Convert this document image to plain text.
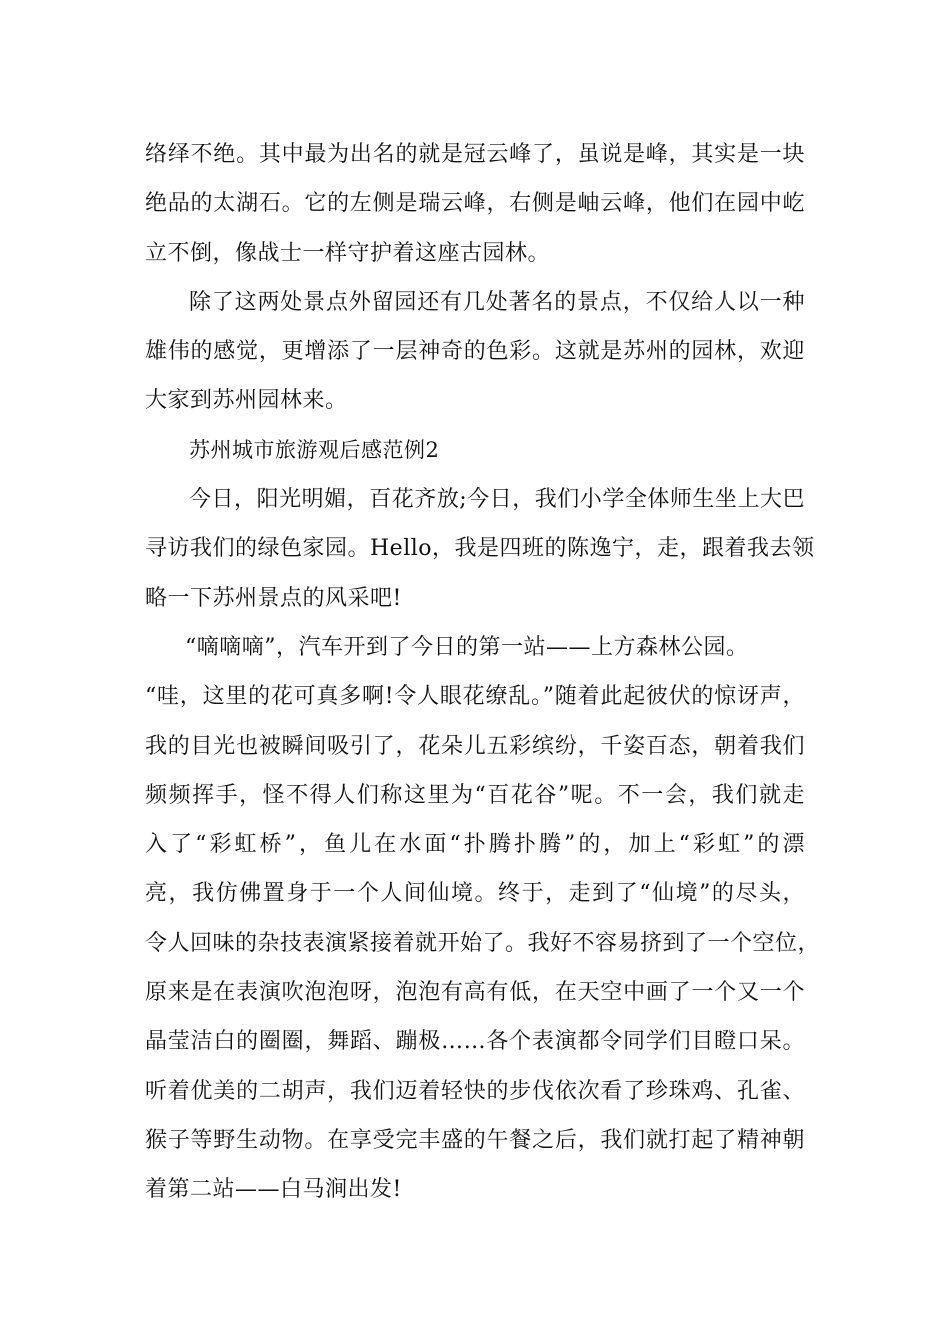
络绎不绝。其中最为出名的就是冠云峰了，虽说是峰，其实是一块
绝品的太湖石。它的左侧是瑞云峰，右侧是岫云峰，他们在园中屹
立不倒，像战士一样守护着这座古园林。
除了这两处景点外留园还有几处著名的景点，不仅给人以一种
雄伟的感觉，更增添了一层神奇的色彩。这就是苏州的园林，欢迎
大家到苏州园林来。
苏州城市旅游观后感范例2
今日，阳光明媚，百花齐放;今日，我们小学全体师生坐上大巴
寻访我们的绿色家园。Hello，我是四班的陈逸宁，走，跟着我去领
略一下苏州景点的风采吧!
“嘀嘀嘀”，汽车开到了今日的第一站——上方森林公园。
“哇，这里的花可真多啊!令人眼花缭乱。”随着此起彼伏的惊讶声，
我的目光也被瞬间吸引了，花朵儿五彩缤纷，千姿百态，朝着我们
频频挥手，怪不得人们称这里为“百花谷”呢。不一会，我们就走
入了“彩虹桥”，鱼儿在水面“扑腾扑腾”的，加上“彩虹”的漂
亮，我仿佛置身于一个人间仙境。终于，走到了“仙境”的尽头，
令人回味的杂技表演紧接着就开始了。我好不容易挤到了一个空位，
原来是在表演吹泡泡呀，泡泡有高有低，在天空中画了一个又一个
晶莹洁白的圈圈，舞蹈、蹦极……各个表演都令同学们目瞪口呆。
听着优美的二胡声，我们迈着轻快的步伐依次看了珍珠鸡、孔雀、
猴子等野生动物。在享受完丰盛的午餐之后，我们就打起了精神朝
着第二站——白马涧出发!
